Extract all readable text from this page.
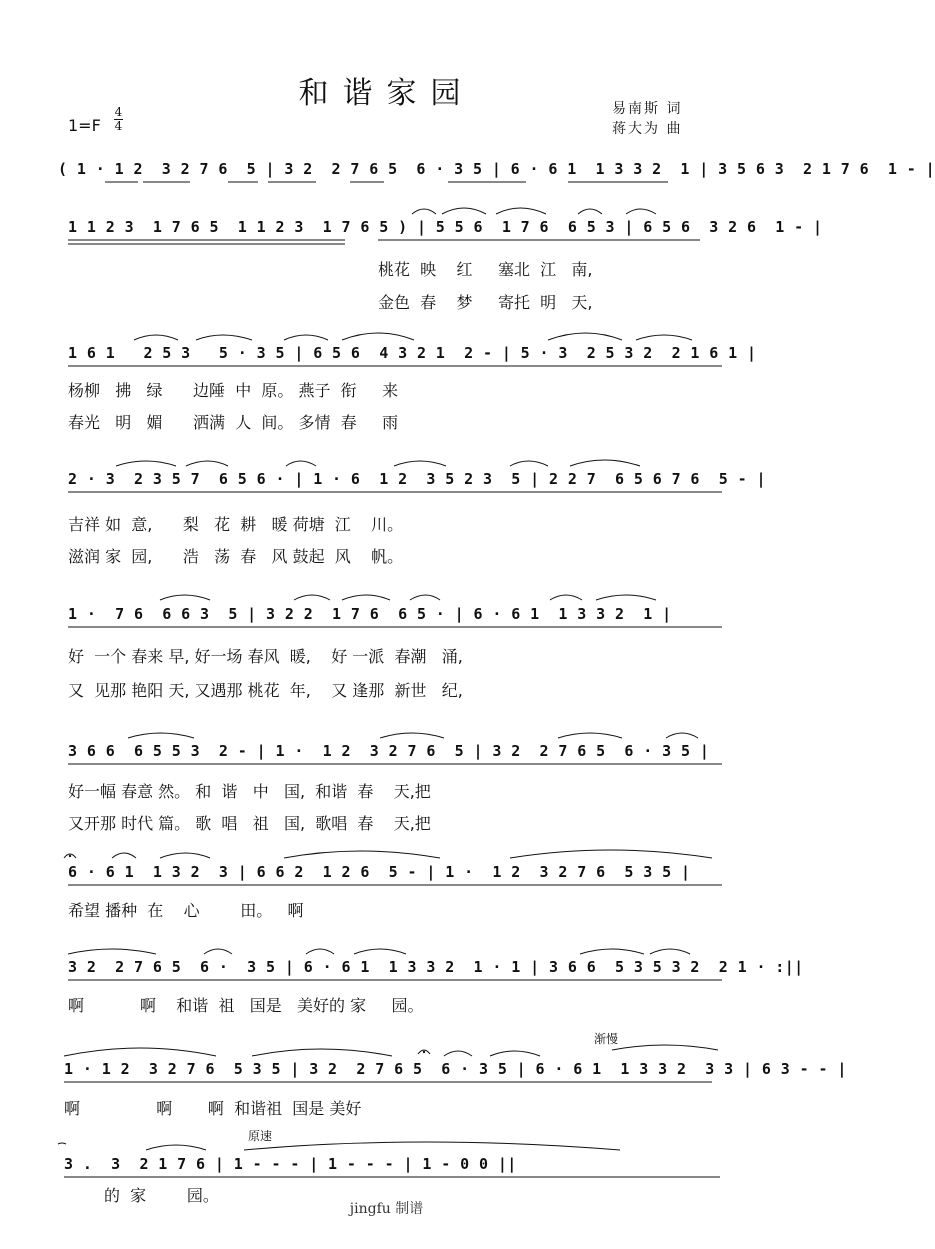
和谐家园
1=F
4
4
易南斯 词
蒋大为 曲
( 1 · 1 2  3 2 7 6  5 | 3 2  2 7 6 5  6 · 3 5 | 6 · 6 1  1 3 3 2  1 | 3 5 6 3  2 1 7 6  1 - |
1 1 2 3  1 7 6 5  1 1 2 3  1 7 6 5 ) | 5 5 6  1 7 6  6 5 3 | 6 5 6  3 2 6  1 - |
桃花  映    红     塞北  江   南,
金色  春    梦     寄托  明   天,
1 6 1   2 5 3   5 · 3 5 | 6 5 6  4 3 2 1  2 - | 5 · 3  2 5 3 2  2 1 6 1 |
杨柳   拂   绿      边陲  中  原。 燕子  衔     来
春光   明   媚      洒满  人  间。 多情  春     雨
2 · 3  2 3 5 7  6 5 6 · | 1 · 6  1 2  3 5 2 3  5 | 2 2 7  6 5 6 7 6  5 - |
吉祥 如  意,      梨   花  耕   暖 荷塘  江    川。
滋润 家  园,      浩   荡  春   风 鼓起  风    帆。
1 ·  7 6  6 6 3  5 | 3 2 2  1 7 6  6 5 · | 6 · 6 1  1 3 3 2  1 |
好  一个 春来 早, 好一场 春风  暖,    好 一派  春潮   涌,
又  见那 艳阳 天, 又遇那 桃花  年,    又 逢那  新世   纪,
3 6 6  6 5 5 3  2 - | 1 ·  1 2  3 2 7 6  5 | 3 2  2 7 6 5  6 · 3 5 |
好一幅 春意 然。 和  谐   中   国,  和谐  春    天,把
又开那 时代 篇。 歌  唱   祖   国,  歌唱  春    天,把
6 · 6 1  1 3 2  3 | 6 6 2  1 2 6  5 - | 1 ·  1 2  3 2 7 6  5 3 5 |
希望 播种  在    心        田。   啊
3 2  2 7 6 5  6 ·  3 5 | 6 · 6 1  1 3 3 2  1 · 1 | 3 6 6  5 3 5 3 2  2 1 · :||
啊           啊    和谐  祖   国是   美好的 家     园。
渐慢
1 · 1 2  3 2 7 6  5 3 5 | 3 2  2 7 6 5  6 · 3 5 | 6 · 6 1  1 3 3 2  3 3 | 6 3 - - |
啊               啊       啊  和谐祖  国是 美好
原速
3 .  3  2 1 7 6 | 1 - - - | 1 - - - | 1 - 0 0 ||
的  家        园。
jingfu 制谱
